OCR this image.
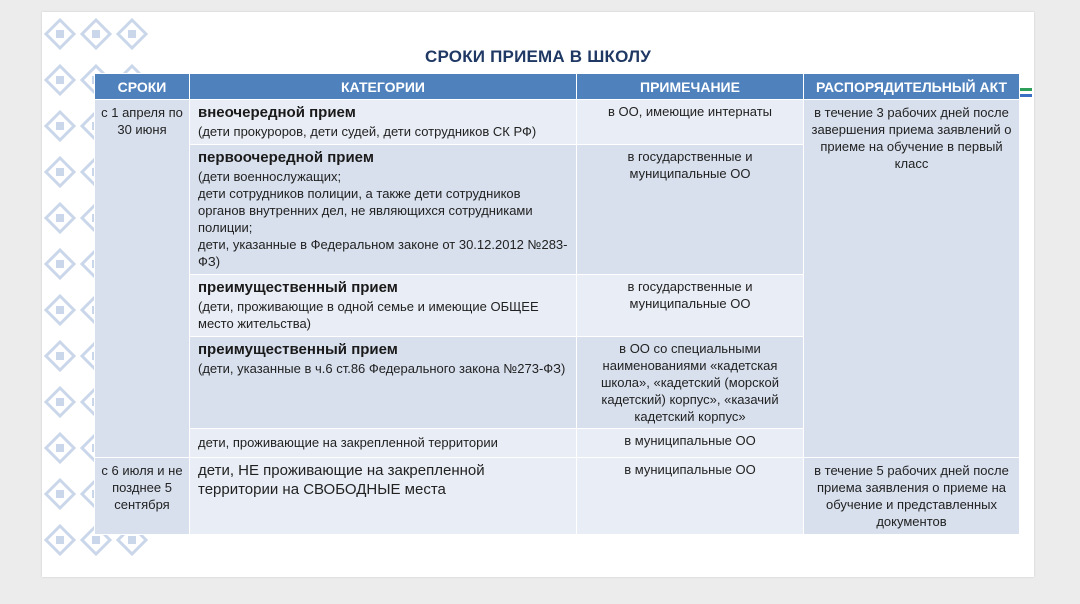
СРОКИ ПРИЕМА В ШКОЛУ
СРОКИ	КАТЕГОРИИ	ПРИМЕЧАНИЕ	РАСПОРЯДИТЕЛЬНЫЙ АКТ
с 1 апреля по 30 июня	внеочередной прием
(дети прокуроров, дети судей, дети сотрудников СК РФ)	в ОО, имеющие интернаты	в течение 3 рабочих дней после завершения приема заявлений о приеме на обучение в первый класс

	первоочередной прием
(дети военнослужащих;
дети сотрудников полиции, а также дети сотрудников органов внутренних дел, не являющихся сотрудниками полиции;
дети, указанные в Федеральном законе от 30.12.2012 №283-ФЗ)	в государственные и муниципальные ОО	

	преимущественный прием
(дети, проживающие в одной семье и имеющие ОБЩЕЕ место жительства)	в государственные и муниципальные ОО	

	преимущественный прием
(дети, указанные в ч.6 ст.86 Федерального закона №273-ФЗ)	в ОО со специальными наименованиями «кадетская школа», «кадетский (морской кадетский) корпус», «казачий кадетский корпус»	

	дети, проживающие на закрепленной территории	в муниципальные ОО	
с 6 июля и не позднее 5 сентября	дети, НЕ проживающие на закрепленной территории на СВОБОДНЫЕ места	в муниципальные ОО	в течение 5 рабочих дней после приема заявления о приеме на обучение и представленных документов
